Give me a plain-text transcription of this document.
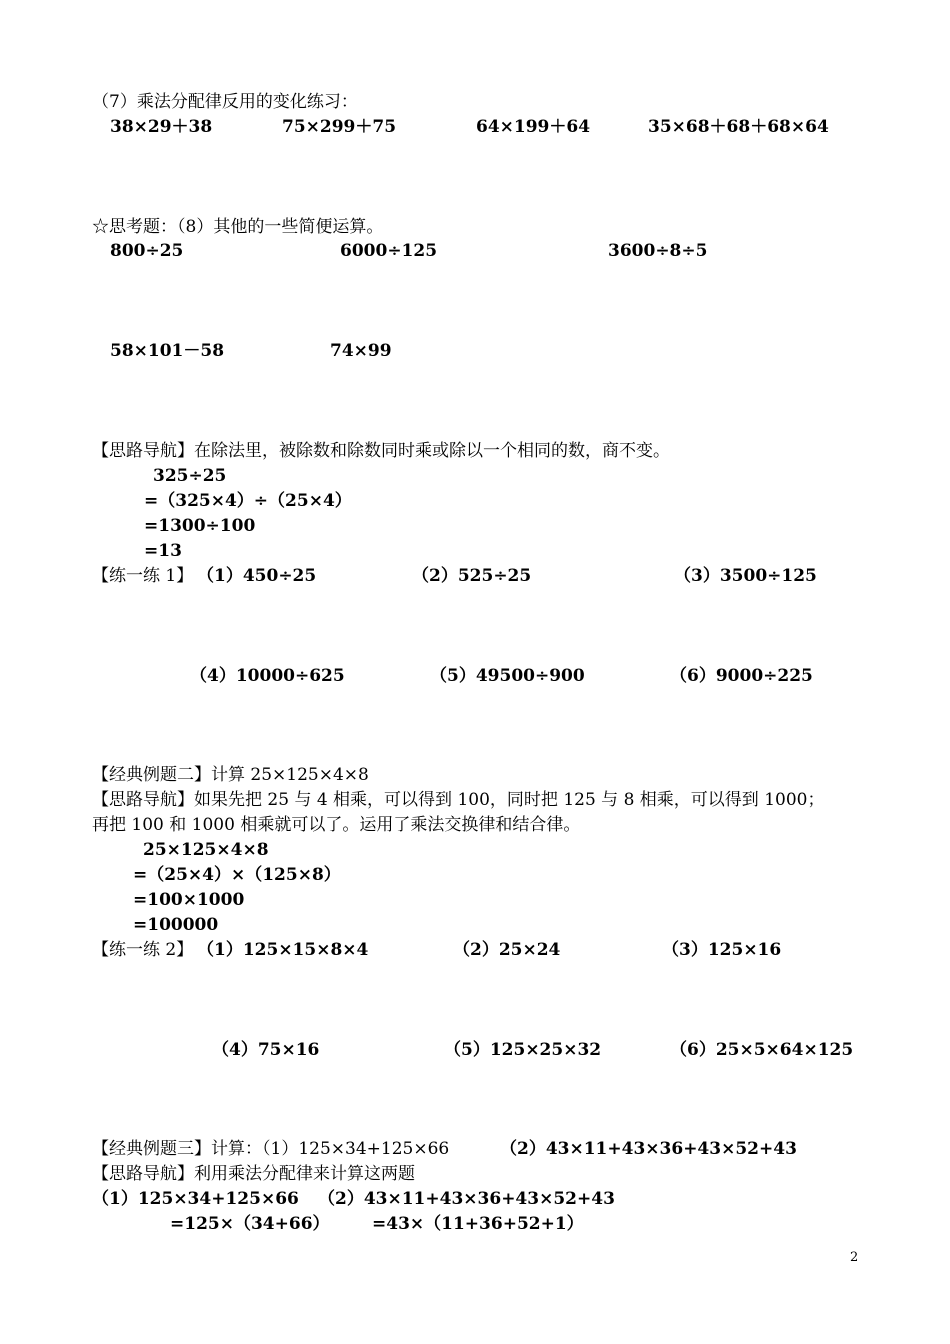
（7）乘法分配律反用的变化练习：
38×29＋38	75×299＋75	64×199＋64	35×68＋68＋68×64
☆思考题：（8）其他的一些简便运算。
800÷25	6000÷125	3600÷8÷5
58×101－58	74×99
【思路导航】在除法里，被除数和除数同时乘或除以一个相同的数，商不变。
325÷25
=（325×4）÷（25×4）
=1300÷100
=13
【练一练 1】 （1）450÷25	（2）525÷25	（3）3500÷125
（4）10000÷625	（5）49500÷900	（6）9000÷225
【经典例题二】计算 25×125×4×8
【思路导航】如果先把 25 与 4 相乘，可以得到 100，同时把 125 与 8 相乘，可以得到 1000；
再把 100 和 1000 相乘就可以了。运用了乘法交换律和结合律。
25×125×4×8
=（25×4）×（125×8）
=100×1000
=100000
【练一练 2】 （1）125×15×8×4	（2）25×24	（3）125×16
（4）75×16	（5）125×25×32	（6）25×5×64×125
【经典例题三】计算：（1）125×34+125×66	（2）43×11+43×36+43×52+43
【思路导航】利用乘法分配律来计算这两题
（1）125×34+125×66 （2）43×11+43×36+43×52+43
=125×（34+66） =43×（11+36+52+1）
2
